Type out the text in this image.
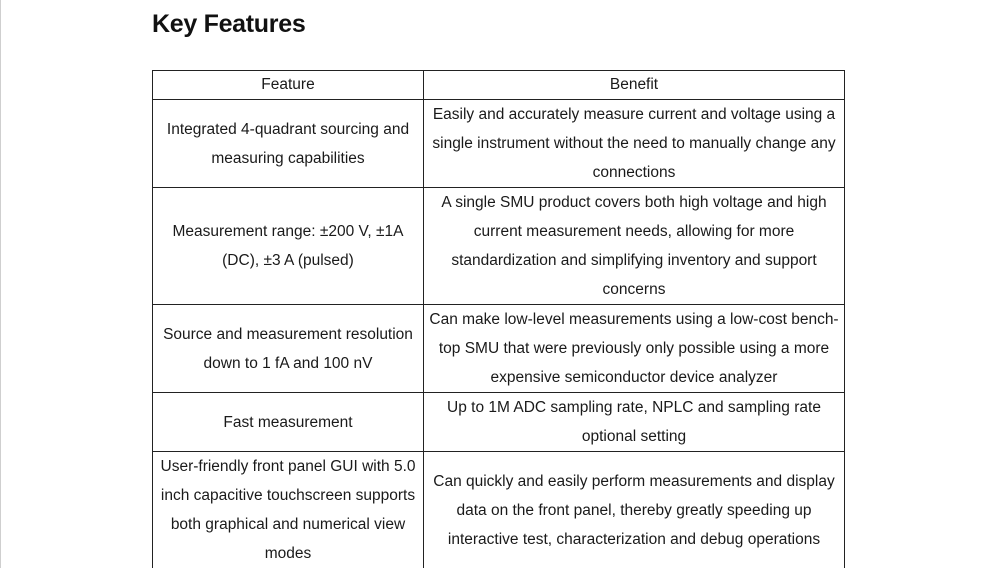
Key Features
Feature	Benefit
Integrated 4-quadrant sourcing and measuring capabilities	Easily and accurately measure current and voltage using a single instrument without the need to manually change any connections
Measurement range: ±200 V, ±1A (DC), ±3 A (pulsed)	A single SMU product covers both high voltage and high current measurement needs, allowing for more standardization and simplifying inventory and support concerns
Source and measurement resolution down to 1 fA and 100 nV	Can make low-level measurements using a low-cost bench-top SMU that were previously only possible using a more expensive semiconductor device analyzer
Fast measurement	Up to 1M ADC sampling rate, NPLC and sampling rate optional setting
User-friendly front panel GUI with 5.0 inch capacitive touchscreen supports both graphical and numerical view modes	Can quickly and easily perform measurements and display data on the front panel, thereby greatly speeding up interactive test, characterization and debug operations
